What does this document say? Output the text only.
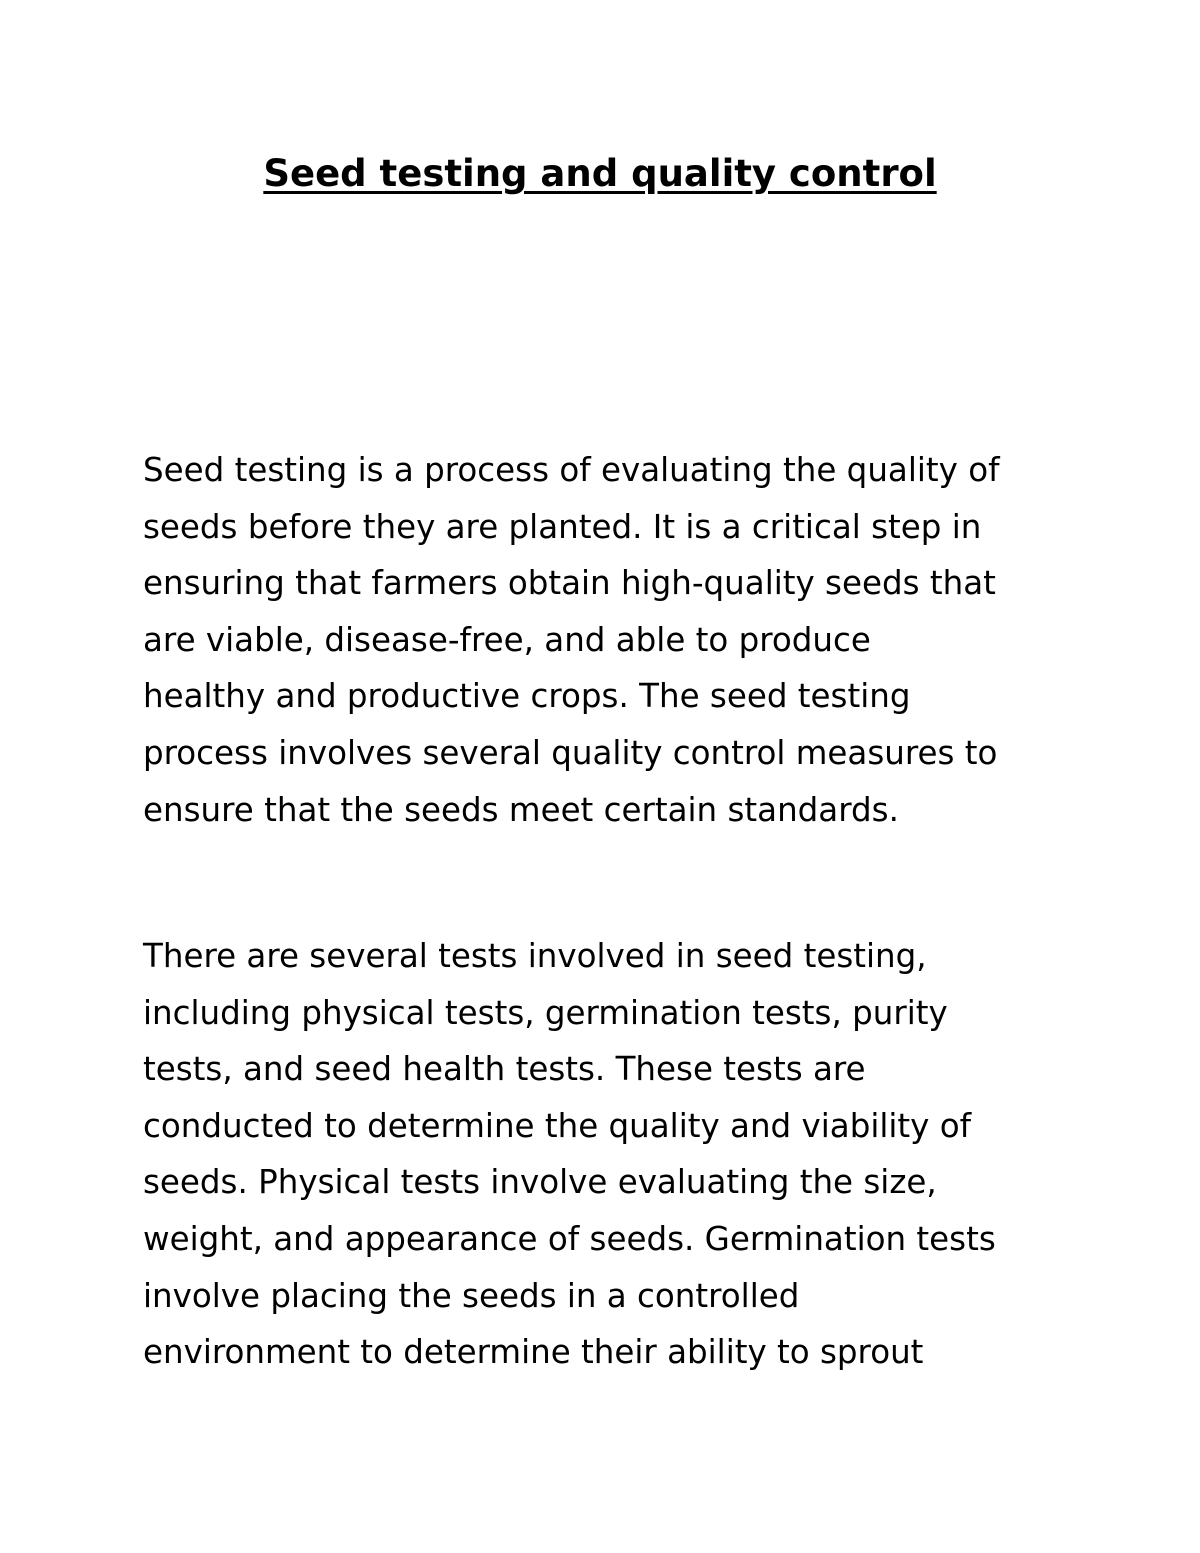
Seed testing and quality control

Seed testing is a process of evaluating the quality of
seeds before they are planted. It is a critical step in
ensuring that farmers obtain high-quality seeds that
are viable, disease-free, and able to produce
healthy and productive crops. The seed testing
process involves several quality control measures to
ensure that the seeds meet certain standards.

There are several tests involved in seed testing,
including physical tests, germination tests, purity
tests, and seed health tests. These tests are
conducted to determine the quality and viability of
seeds. Physical tests involve evaluating the size,
weight, and appearance of seeds. Germination tests
involve placing the seeds in a controlled
environment to determine their ability to sprout
